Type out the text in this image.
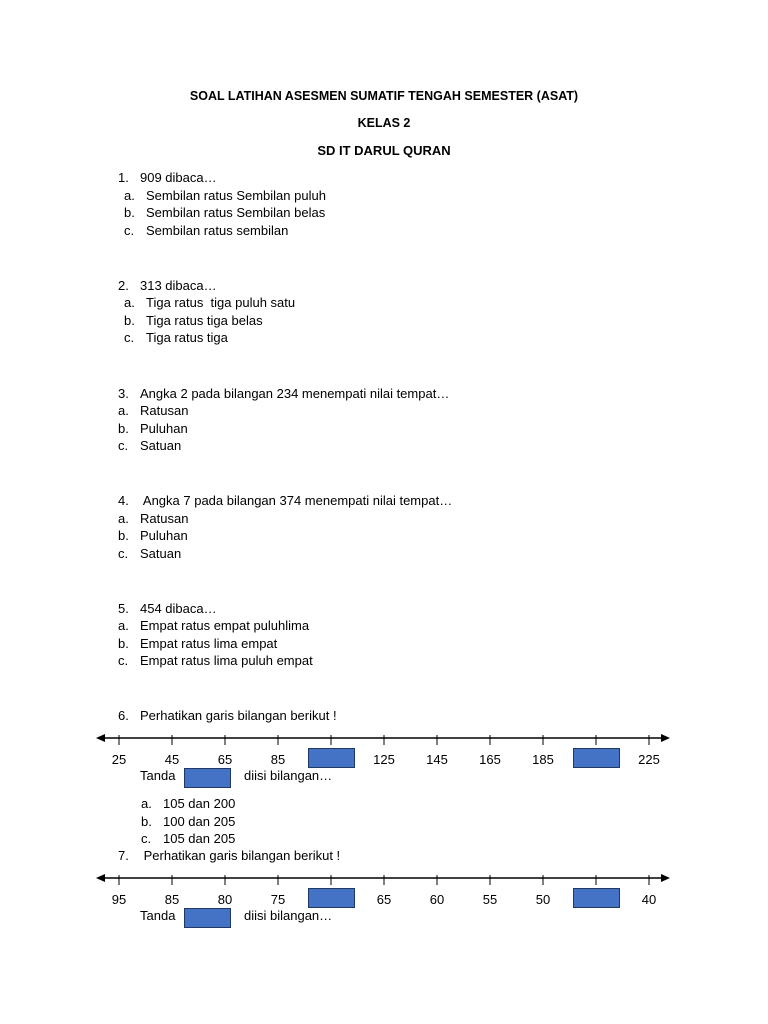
SOAL LATIHAN ASESMEN SUMATIF TENGAH SEMESTER (ASAT)
KELAS 2
SD IT DARUL QURAN
1. 909 dibaca…
a. Sembilan ratus Sembilan puluh
b. Sembilan ratus Sembilan belas
c. Sembilan ratus sembilan
2. 313 dibaca…
a. Tiga ratus  tiga puluh satu
b. Tiga ratus tiga belas
c. Tiga ratus tiga
3. Angka 2 pada bilangan 234 menempati nilai tempat…
a. Ratusan
b. Puluhan
c. Satuan
4. Angka 7 pada bilangan 374 menempati nilai tempat…
a. Ratusan
b. Puluhan
c. Satuan
5. 454 dibaca…
a. Empat ratus empat puluhlima
b. Empat ratus lima empat
c. Empat ratus lima puluh empat
6. Perhatikan garis bilangan berikut !
25	45	65	85	125 145 165 185	225
Tanda	diisi bilangan…
a. 105 dan 200
b. 100 dan 205
c. 105 dan 205
7. Perhatikan garis bilangan berikut !
95	85	80	75	65	60	55	50	40
Tanda	diisi bilangan…
